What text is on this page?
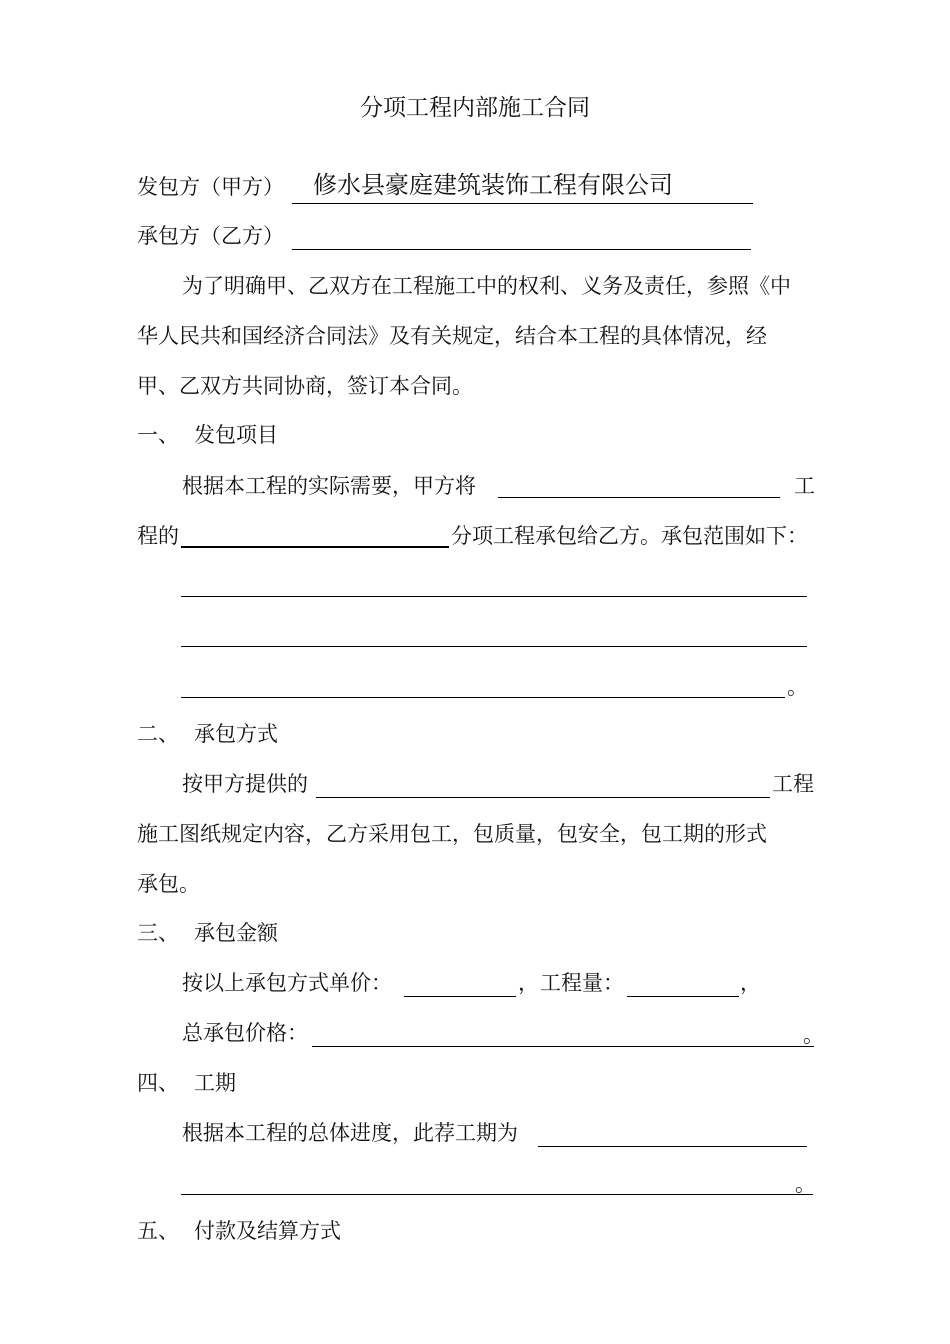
分项工程内部施工合同
发包方（甲方） 修水县豪庭建筑装饰工程有限公司
承包方（乙方）
为了明确甲、乙双方在工程施工中的权利、义务及责任，参照《中
华人民共和国经济合同法》及有关规定，结合本工程的具体情况，经
甲、乙双方共同协商，签订本合同。
一、 发包项目
根据本工程的实际需要，甲方将	工
程的	分项工程承包给乙方。承包范围如下：
。
二、 承包方式
按甲方提供的	工程
施工图纸规定内容，乙方采用包工，包质量，包安全，包工期的形式
承包。
三、 承包金额
按以上承包方式单价：	， 工程量：	，
总承包价格：	。
四、 工期
根据本工程的总体进度，此荐工期为
。
五、 付款及结算方式
